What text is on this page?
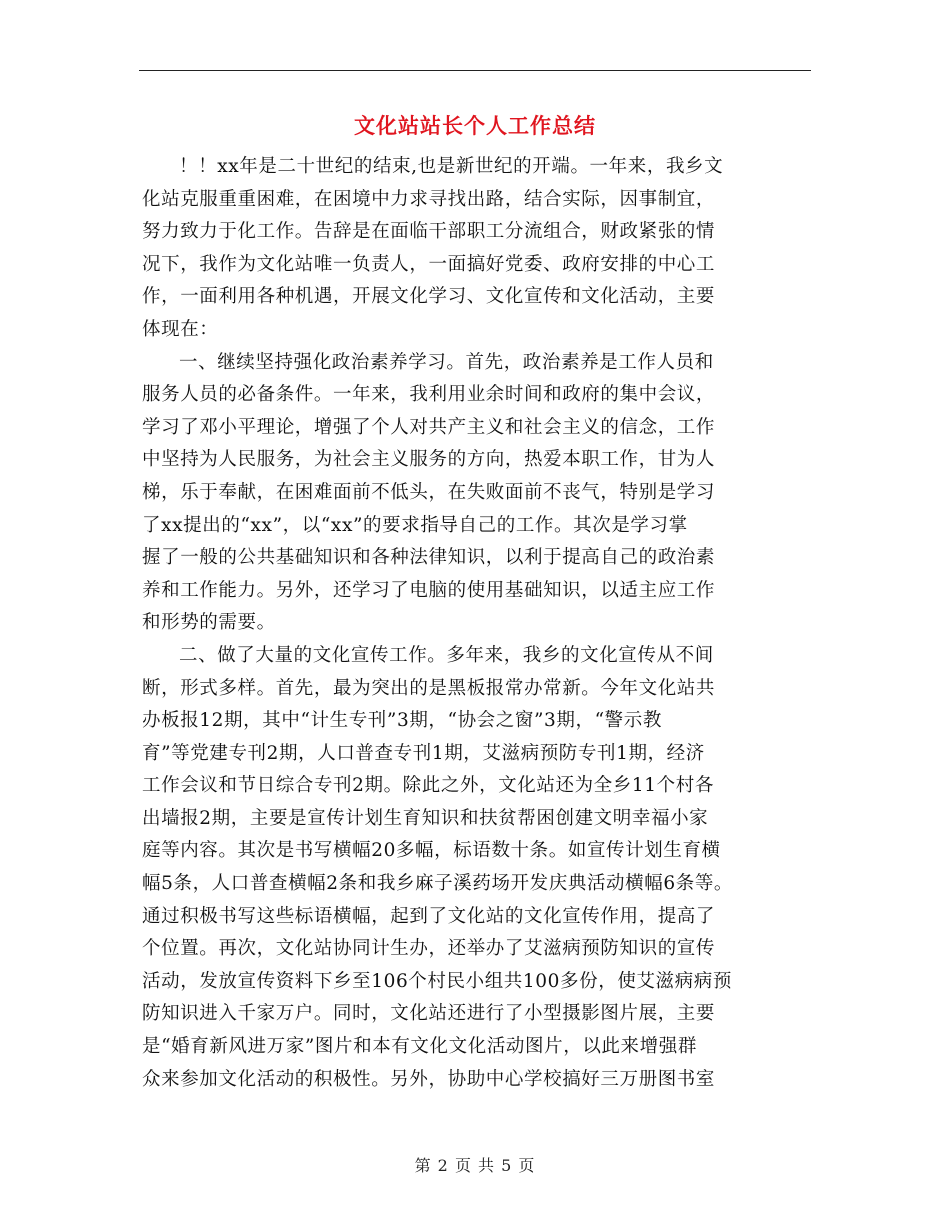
文化站站长个人工作总结
！！xx年是二十世纪的结束,也是新世纪的开端。一年来，我乡文
化站克服重重困难，在困境中力求寻找出路，结合实际，因事制宜，
努力致力于化工作。告辞是在面临干部职工分流组合，财政紧张的情
况下，我作为文化站唯一负责人，一面搞好党委、政府安排的中心工
作，一面利用各种机遇，开展文化学习、文化宣传和文化活动，主要
体现在：
一、继续坚持强化政治素养学习。首先，政治素养是工作人员和
服务人员的必备条件。一年来，我利用业余时间和政府的集中会议，
学习了邓小平理论，增强了个人对共产主义和社会主义的信念，工作
中坚持为人民服务，为社会主义服务的方向，热爱本职工作，甘为人
梯，乐于奉献，在困难面前不低头，在失败面前不丧气，特别是学习
了xx提出的“xx”，以“xx”的要求指导自己的工作。其次是学习掌
握了一般的公共基础知识和各种法律知识，以利于提高自己的政治素
养和工作能力。另外，还学习了电脑的使用基础知识，以适主应工作
和形势的需要。
二、做了大量的文化宣传工作。多年来，我乡的文化宣传从不间
断，形式多样。首先，最为突出的是黑板报常办常新。今年文化站共
办板报12期，其中“计生专刊”3期，“协会之窗”3期，“警示教
育”等党建专刊2期，人口普查专刊1期，艾滋病预防专刊1期，经济
工作会议和节日综合专刊2期。除此之外，文化站还为全乡11个村各
出墙报2期，主要是宣传计划生育知识和扶贫帮困创建文明幸福小家
庭等内容。其次是书写横幅20多幅，标语数十条。如宣传计划生育横
幅5条，人口普查横幅2条和我乡麻子溪药场开发庆典活动横幅6条等。
通过积极书写这些标语横幅，起到了文化站的文化宣传作用，提高了
个位置。再次，文化站协同计生办，还举办了艾滋病预防知识的宣传
活动，发放宣传资料下乡至106个村民小组共100多份，使艾滋病病预
防知识进入千家万户。同时，文化站还进行了小型摄影图片展，主要
是“婚育新风进万家”图片和本有文化文化活动图片，以此来增强群
众来参加文化活动的积极性。另外，协助中心学校搞好三万册图书室
第 2 页 共 5 页
